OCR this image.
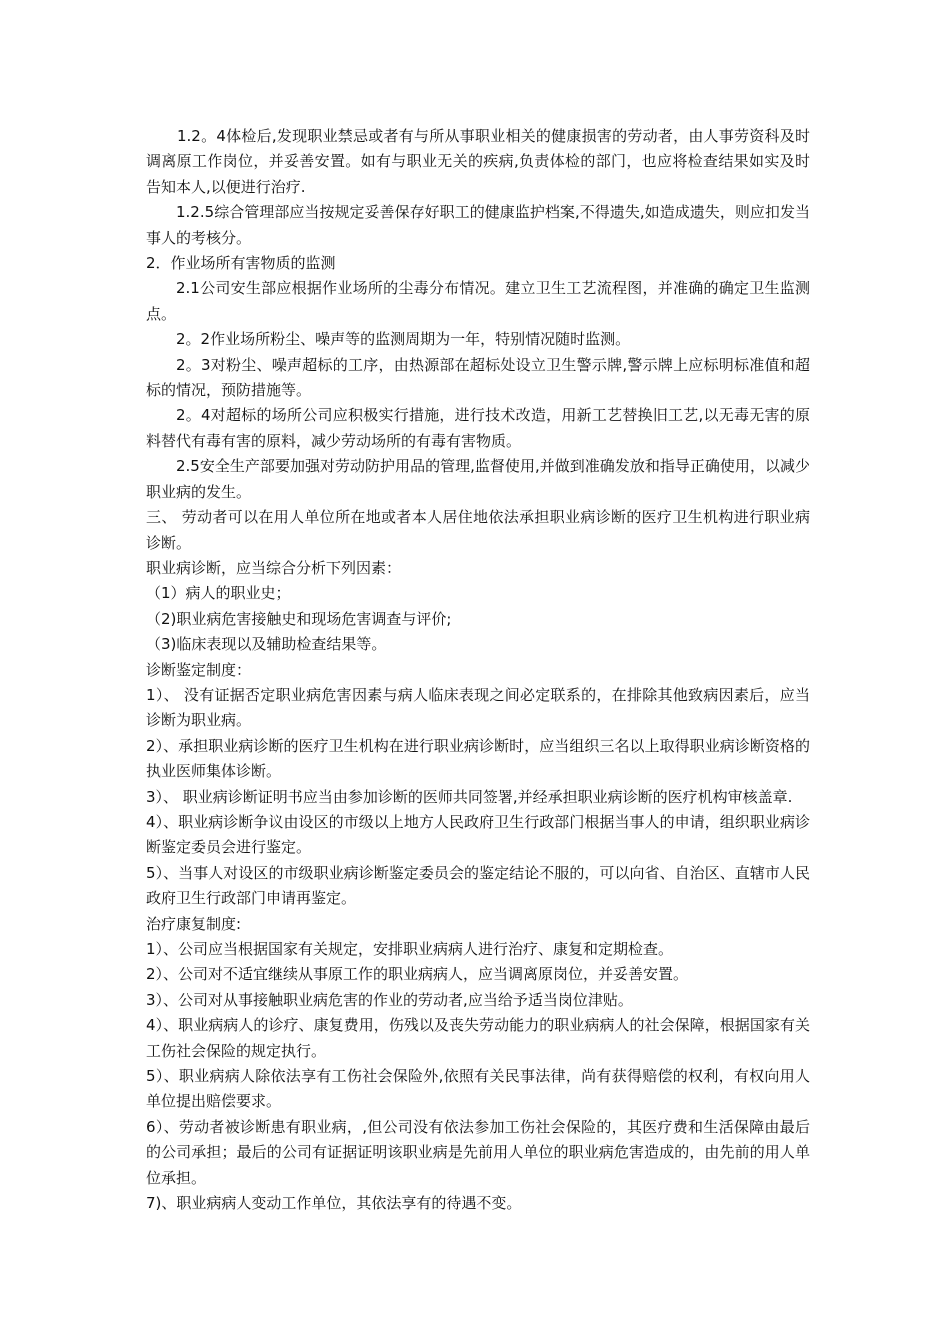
1.2。4体检后,发现职业禁忌或者有与所从事职业相关的健康损害的劳动者，由人事劳资科及时调离原工作岗位，并妥善安置。如有与职业无关的疾病,负责体检的部门，也应将检查结果如实及时告知本人,以便进行治疗.

1.2.5综合管理部应当按规定妥善保存好职工的健康监护档案,不得遗失,如造成遗失，则应扣发当事人的考核分。

2．作业场所有害物质的监测

2.1公司安生部应根据作业场所的尘毒分布情况。建立卫生工艺流程图，并准确的确定卫生监测点。

2。2作业场所粉尘、噪声等的监测周期为一年，特别情况随时监测。

2。3对粉尘、噪声超标的工序，由热源部在超标处设立卫生警示牌,警示牌上应标明标准值和超标的情况，预防措施等。

2。4对超标的场所公司应积极实行措施，进行技术改造，用新工艺替换旧工艺,以无毒无害的原料替代有毒有害的原料，减少劳动场所的有毒有害物质。

2.5安全生产部要加强对劳动防护用品的管理,监督使用,并做到准确发放和指导正确使用，以减少职业病的发生。

三、 劳动者可以在用人单位所在地或者本人居住地依法承担职业病诊断的医疗卫生机构进行职业病诊断。

职业病诊断，应当综合分析下列因素：

（1）病人的职业史；

（2)职业病危害接触史和现场危害调查与评价;

（3)临床表现以及辅助检查结果等。

诊断鉴定制度：

1）、 没有证据否定职业病危害因素与病人临床表现之间必定联系的，在排除其他致病因素后，应当诊断为职业病。

2）、承担职业病诊断的医疗卫生机构在进行职业病诊断时，应当组织三名以上取得职业病诊断资格的执业医师集体诊断。

3）、 职业病诊断证明书应当由参加诊断的医师共同签署,并经承担职业病诊断的医疗机构审核盖章.

4）、职业病诊断争议由设区的市级以上地方人民政府卫生行政部门根据当事人的申请，组织职业病诊断鉴定委员会进行鉴定。

5）、当事人对设区的市级职业病诊断鉴定委员会的鉴定结论不服的，可以向省、自治区、直辖市人民政府卫生行政部门申请再鉴定。

治疗康复制度:

1）、公司应当根据国家有关规定，安排职业病病人进行治疗、康复和定期检查。

2）、公司对不适宜继续从事原工作的职业病病人，应当调离原岗位，并妥善安置。

3）、公司对从事接触职业病危害的作业的劳动者,应当给予适当岗位津贴。

4）、职业病病人的诊疗、康复费用，伤残以及丧失劳动能力的职业病病人的社会保障，根据国家有关工伤社会保险的规定执行。

5）、职业病病人除依法享有工伤社会保险外,依照有关民事法律，尚有获得赔偿的权利，有权向用人单位提出赔偿要求。

6）、劳动者被诊断患有职业病，,但公司没有依法参加工伤社会保险的，其医疗费和生活保障由最后的公司承担；最后的公司有证据证明该职业病是先前用人单位的职业病危害造成的，由先前的用人单位承担。

7)、职业病病人变动工作单位，其依法享有的待遇不变。
